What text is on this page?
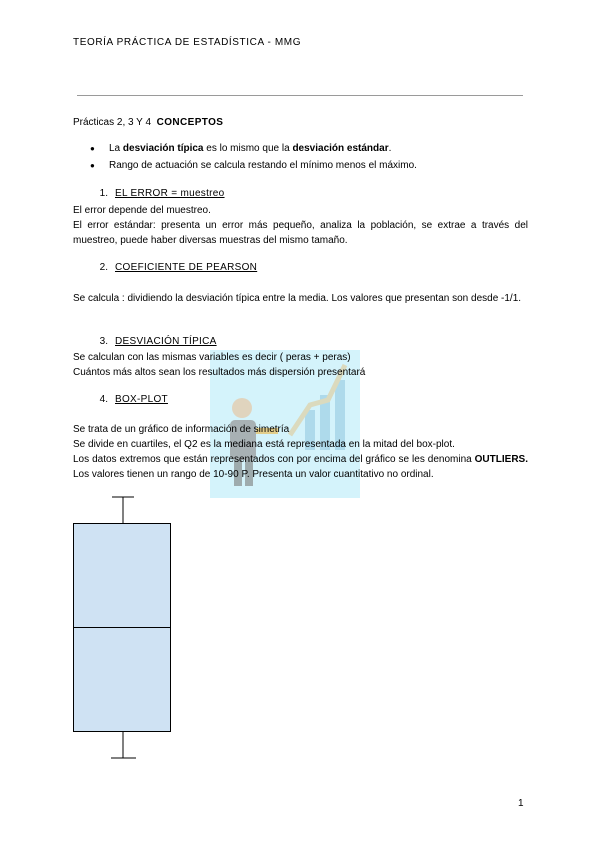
TEORÍA PRÁCTICA DE ESTADÍSTICA - MMG
Prácticas 2, 3 Y 4 CONCEPTOS
● La desviación típica es lo mismo que la desviación estándar.
● Rango de actuación se calcula restando el mínimo menos el máximo.
1. EL ERROR = muestreo
El error depende del muestreo.
El error estándar: presenta un error más pequeño, analiza la población, se extrae a través del muestreo, puede haber diversas muestras del mismo tamaño.
2. COEFICIENTE DE PEARSON
Se calcula : dividiendo la desviación típica entre la media. Los valores que presentan son desde -1/1.
3. DESVIACIÓN TÍPICA
Se calculan con las mismas variables es decir ( peras + peras)
Cuántos más altos sean los resultados más dispersión presentará
4. BOX-PLOT
Se trata de un gráfico de información de simetría
Se divide en cuartiles, el Q2 es la mediana está representada en la mitad del box-plot.
Los datos extremos que están representados con por encima del gráfico se les denomina OUTLIERS. Los valores tienen un rango de 10-90 P. Presenta un valor cuantitativo no ordinal.
1
